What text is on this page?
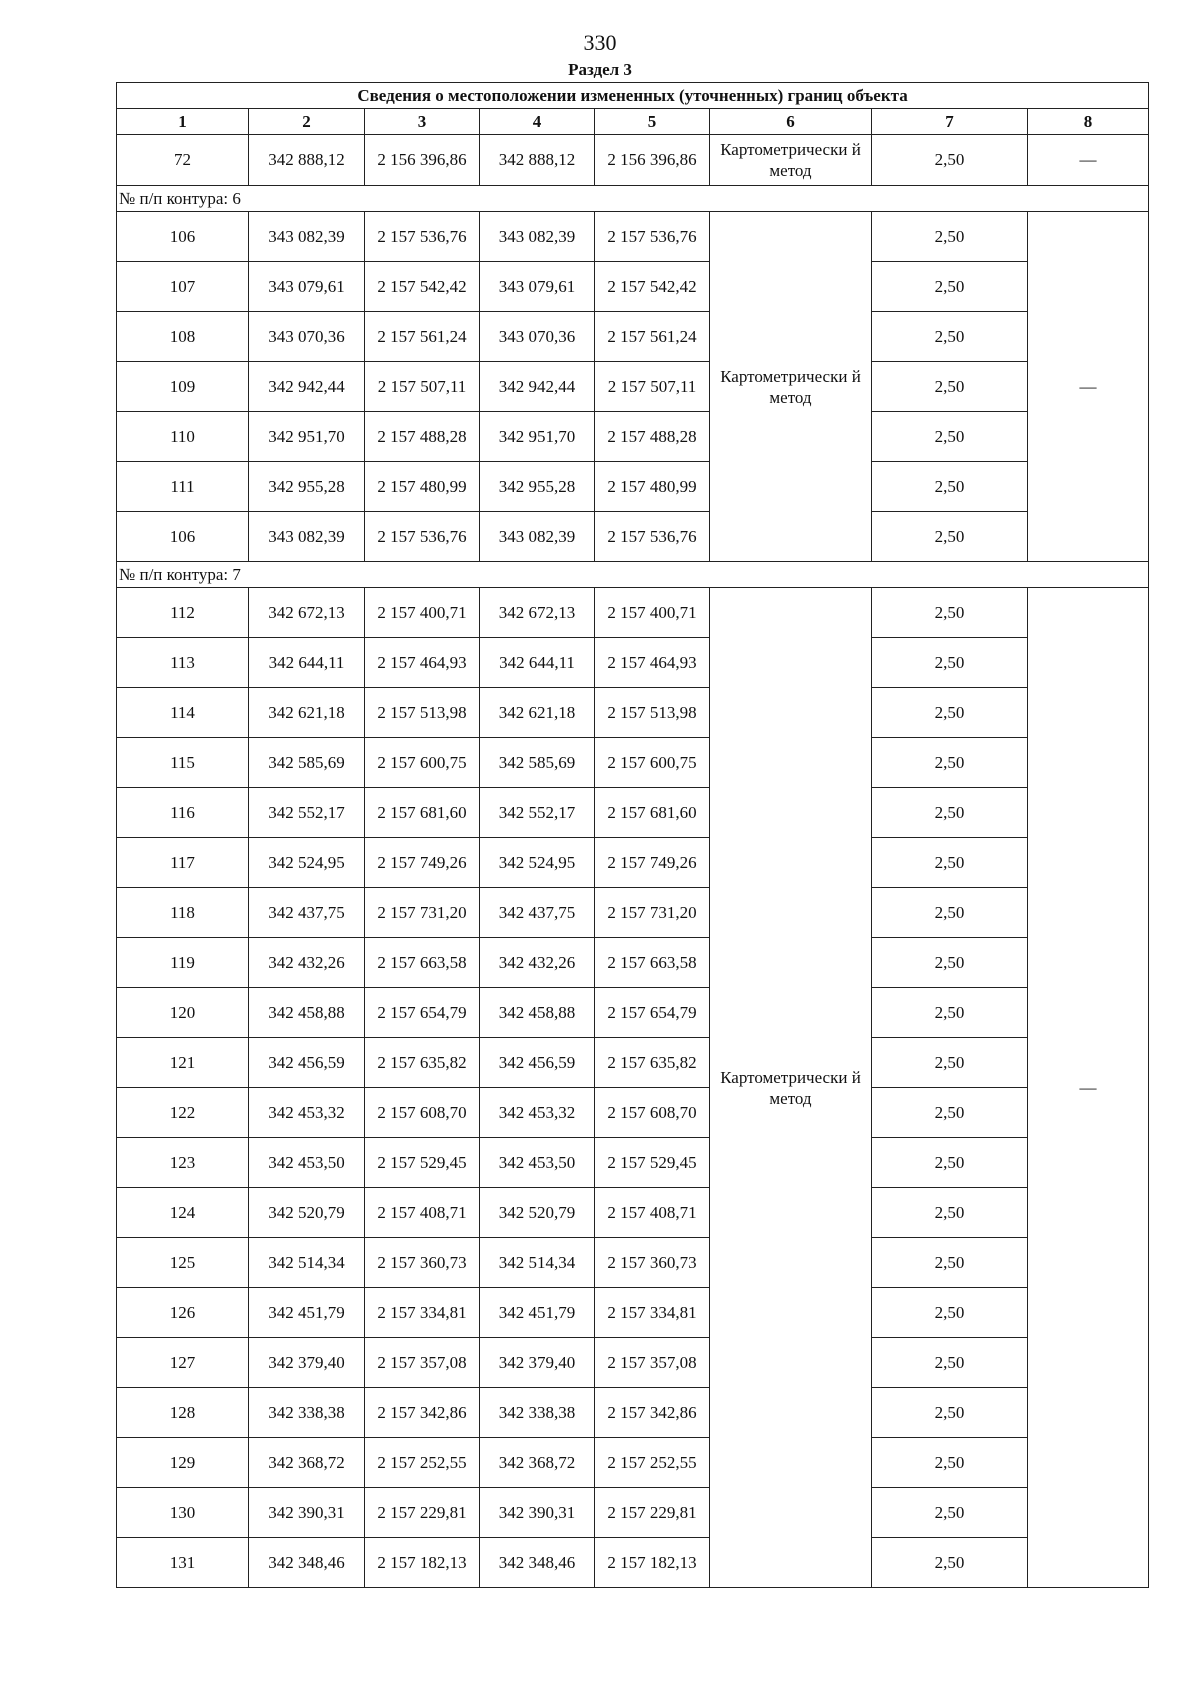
330
Раздел 3
Сведения о местоположении измененных (уточненных) границ объекта							
1	2	3	4	5	6	7	8
72	342 888,12	2 156 396,86	342 888,12	2 156 396,86	Картометрически й метод	2,50	—
№ п/п контура: 6							
106	343 082,39	2 157 536,76	343 082,39	2 157 536,76	Картометрически й метод	2,50	—
107	343 079,61	2 157 542,42	343 079,61	2 157 542,42		2,50	
108	343 070,36	2 157 561,24	343 070,36	2 157 561,24		2,50	
109	342 942,44	2 157 507,11	342 942,44	2 157 507,11		2,50	
110	342 951,70	2 157 488,28	342 951,70	2 157 488,28		2,50	
111	342 955,28	2 157 480,99	342 955,28	2 157 480,99		2,50	
106	343 082,39	2 157 536,76	343 082,39	2 157 536,76		2,50	
№ п/п контура: 7							
112	342 672,13	2 157 400,71	342 672,13	2 157 400,71	Картометрически й метод	2,50	—
113	342 644,11	2 157 464,93	342 644,11	2 157 464,93		2,50	
114	342 621,18	2 157 513,98	342 621,18	2 157 513,98		2,50	
115	342 585,69	2 157 600,75	342 585,69	2 157 600,75		2,50	
116	342 552,17	2 157 681,60	342 552,17	2 157 681,60		2,50	
117	342 524,95	2 157 749,26	342 524,95	2 157 749,26		2,50	
118	342 437,75	2 157 731,20	342 437,75	2 157 731,20		2,50	
119	342 432,26	2 157 663,58	342 432,26	2 157 663,58		2,50	
120	342 458,88	2 157 654,79	342 458,88	2 157 654,79		2,50	
121	342 456,59	2 157 635,82	342 456,59	2 157 635,82		2,50	
122	342 453,32	2 157 608,70	342 453,32	2 157 608,70		2,50	
123	342 453,50	2 157 529,45	342 453,50	2 157 529,45		2,50	
124	342 520,79	2 157 408,71	342 520,79	2 157 408,71		2,50	
125	342 514,34	2 157 360,73	342 514,34	2 157 360,73		2,50	
126	342 451,79	2 157 334,81	342 451,79	2 157 334,81		2,50	
127	342 379,40	2 157 357,08	342 379,40	2 157 357,08		2,50	
128	342 338,38	2 157 342,86	342 338,38	2 157 342,86		2,50	
129	342 368,72	2 157 252,55	342 368,72	2 157 252,55		2,50	
130	342 390,31	2 157 229,81	342 390,31	2 157 229,81		2,50	
131	342 348,46	2 157 182,13	342 348,46	2 157 182,13		2,50	
